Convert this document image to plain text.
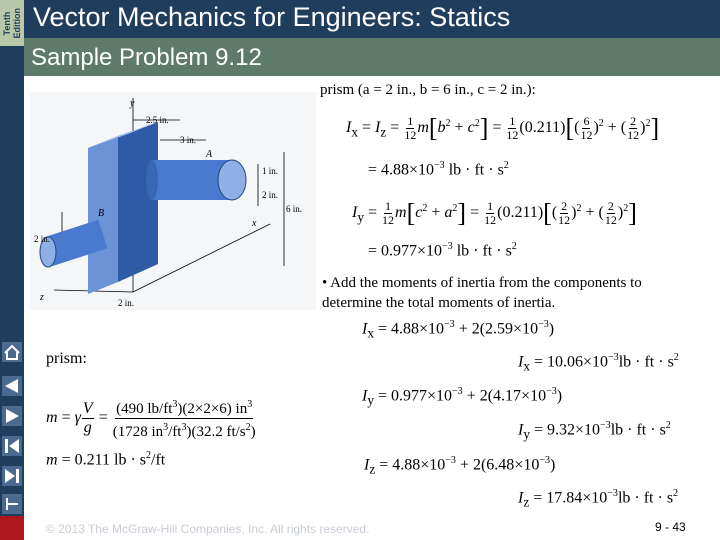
Tenth
Edition Vector Mechanics for Engineers: Statics
Sample Problem 9.12
y
2.5 in.
3 in.
A
1 in.
2 in.
6 in.
B
2 in.
x
z	2 in.
prism (a = 2 in., b = 6 in., c = 2 in.):
$I_x = I_z = \frac{1}{12} m[b^2 + c^2] = \frac{1}{12} (0.211)[( \frac{6}{12} )^2$ + ( $\frac{2}{12} )^2$]
= $4.88\times 10^{-3}$ lb · ft · $s^2$
$I_y = \frac{1}{12} m[c^2 + a^2] = \frac{1}{12} (0.211)[( \frac{2}{12} )^2$ + ( $\frac{2}{12} )^2$]
= $0.977\times 10^{-3}$ lb · ft · $s^2$
• Add the moments of inertia from the components to determine the total moments of inertia.
$I_x = 4.88\times 10^{-3} + 2(2.59\times 10^{-3})$
$I_x = 10.06\times 10^{-3}lb$ · ft · $s^2$
$I_y = 0.977\times 10^{-3} + 2(4.17\times 10^{-3})$
$I_y = 9.32\times 10^{-3}lb$ · ft · $s^2$
$I_z = 4.88\times 10^{-3} + 2(6.48\times 10^{-3})$
$I_z = 17.84\times 10^{-3}lb$ · ft · $s^2$
prism:
m = γ $\frac{V}{g} = \frac{(490 lb/ft^3)(2\times 2\times 6) in^3}{(1728 in^3/ft^3)(32.2 ft/s^2)}$
m = 0.211 lb · $s^2/ft$
© 2013 The McGraw-Hill Companies, Inc. All rights reserved.	9 - 43
